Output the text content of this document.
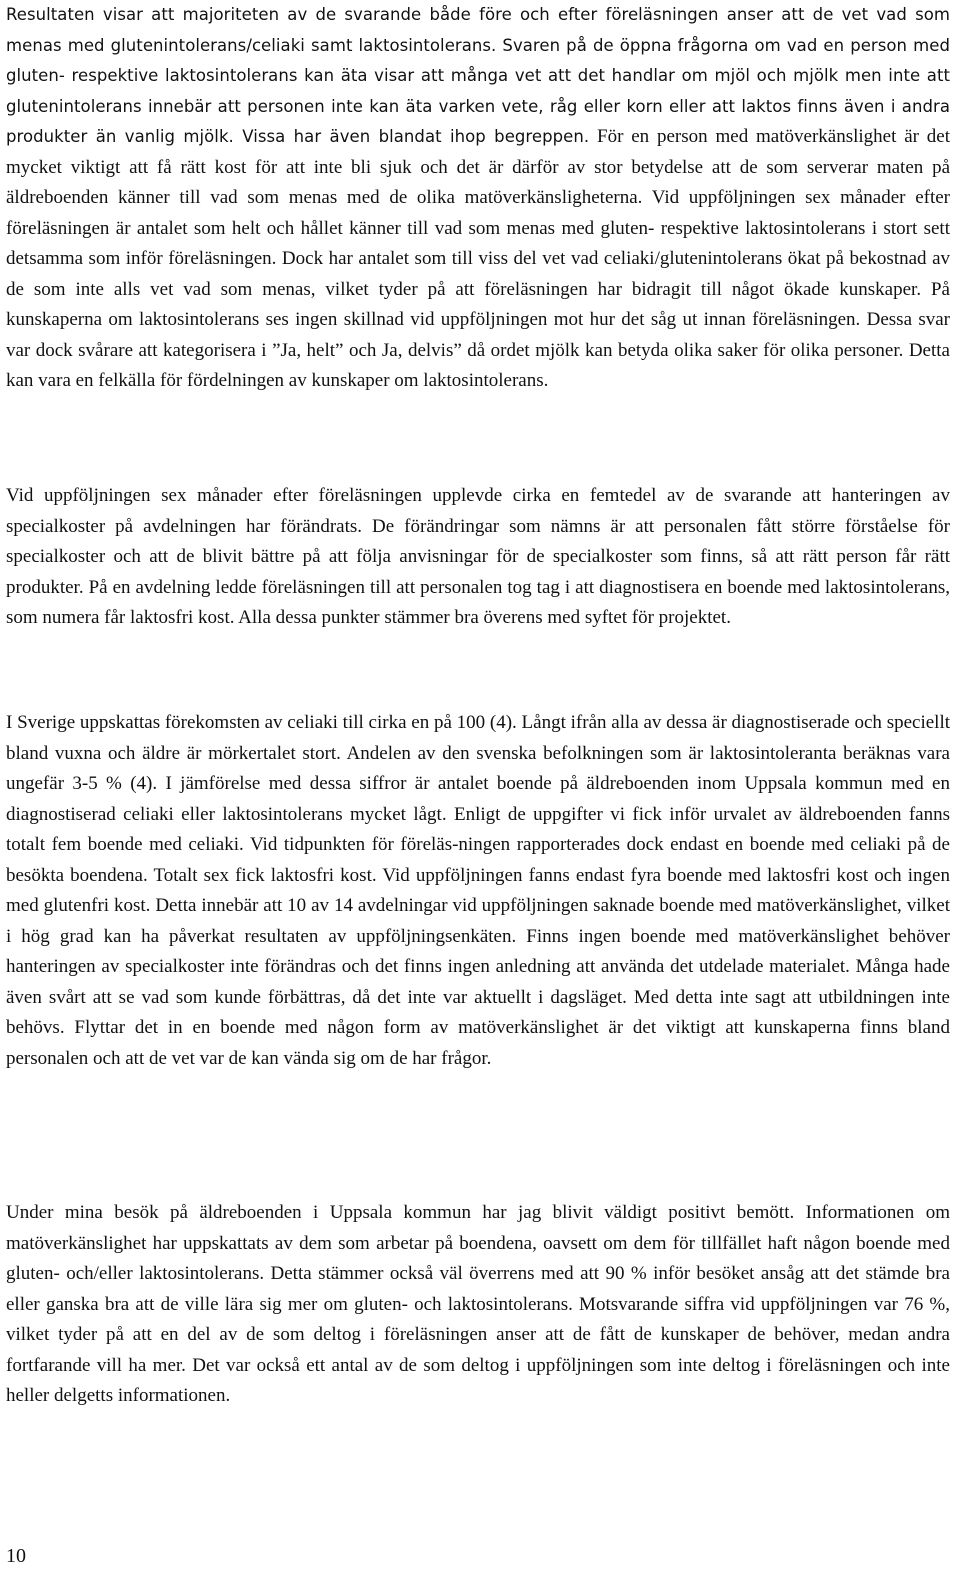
Resultaten visar att majoriteten av de svarande både före och efter föreläsningen anser att de vet vad som menas med glutenintolerans/celiaki samt laktosintolerans. Svaren på de öppna frågorna om vad en person med gluten- respektive laktosintolerans kan äta visar att många vet att det handlar om mjöl och mjölk men inte att glutenintolerans innebär att personen inte kan äta varken vete, råg eller korn eller att laktos finns även i andra produkter än vanlig mjölk. Vissa har även blandat ihop begreppen. För en person med matöverkänslighet är det mycket viktigt att få rätt kost för att inte bli sjuk och det är därför av stor betydelse att de som serverar maten på äldreboenden känner till vad som menas med de olika matöverkänsligheterna. Vid uppföljningen sex månader efter föreläsningen är antalet som helt och hållet känner till vad som menas med gluten- respektive laktosintolerans i stort sett detsamma som inför föreläsningen. Dock har antalet som till viss del vet vad celiaki/glutenintolerans ökat på bekostnad av de som inte alls vet vad som menas, vilket tyder på att föreläsningen har bidragit till något ökade kunskaper. På kunskaperna om laktosintolerans ses ingen skillnad vid uppföljningen mot hur det såg ut innan föreläsningen. Dessa svar var dock svårare att kategorisera i ”Ja, helt” och Ja, delvis” då ordet mjölk kan betyda olika saker för olika personer. Detta kan vara en felkälla för fördelningen av kunskaper om laktosintolerans.

Vid uppföljningen sex månader efter föreläsningen upplevde cirka en femtedel av de svarande att hanteringen av specialkoster på avdelningen har förändrats. De förändringar som nämns är att personalen fått större förståelse för specialkoster och att de blivit bättre på att följa anvisningar för de specialkoster som finns, så att rätt person får rätt produkter. På en avdelning ledde föreläsningen till att personalen tog tag i att diagnostisera en boende med laktosintolerans, som numera får laktosfri kost. Alla dessa punkter stämmer bra överens med syftet för projektet.

I Sverige uppskattas förekomsten av celiaki till cirka en på 100 (4). Långt ifrån alla av dessa är diagnostiserade och speciellt bland vuxna och äldre är mörkertalet stort. Andelen av den svenska befolkningen som är laktosintoleranta beräknas vara ungefär 3-5 % (4). I jämförelse med dessa siffror är antalet boende på äldreboenden inom Uppsala kommun med en diagnostiserad celiaki eller laktosintolerans mycket lågt. Enligt de uppgifter vi fick inför urvalet av äldreboenden fanns totalt fem boende med celiaki. Vid tidpunkten för föreläs-ningen rapporterades dock endast en boende med celiaki på de besökta boendena. Totalt sex fick laktosfri kost. Vid uppföljningen fanns endast fyra boende med laktosfri kost och ingen med glutenfri kost. Detta innebär att 10 av 14 avdelningar vid uppföljningen saknade boende med matöverkänslighet, vilket i hög grad kan ha påverkat resultaten av uppföljningsenkäten. Finns ingen boende med matöverkänslighet behöver hanteringen av specialkoster inte förändras och det finns ingen anledning att använda det utdelade materialet. Många hade även svårt att se vad som kunde förbättras, då det inte var aktuellt i dagsläget. Med detta inte sagt att utbildningen inte behövs. Flyttar det in en boende med någon form av matöverkänslighet är det viktigt att kunskaperna finns bland personalen och att de vet var de kan vända sig om de har frågor.

Under mina besök på äldreboenden i Uppsala kommun har jag blivit väldigt positivt bemött. Informationen om matöverkänslighet har uppskattats av dem som arbetar på boendena, oavsett om dem för tillfället haft någon boende med gluten- och/eller laktosintolerans. Detta stämmer också väl överrens med att 90 % inför besöket ansåg att det stämde bra eller ganska bra att de ville lära sig mer om gluten- och laktosintolerans. Motsvarande siffra vid uppföljningen var 76 %, vilket tyder på att en del av de som deltog i föreläsningen anser att de fått de kunskaper de behöver, medan andra fortfarande vill ha mer. Det var också ett antal av de som deltog i uppföljningen som inte deltog i föreläsningen och inte heller delgetts informationen.

10
